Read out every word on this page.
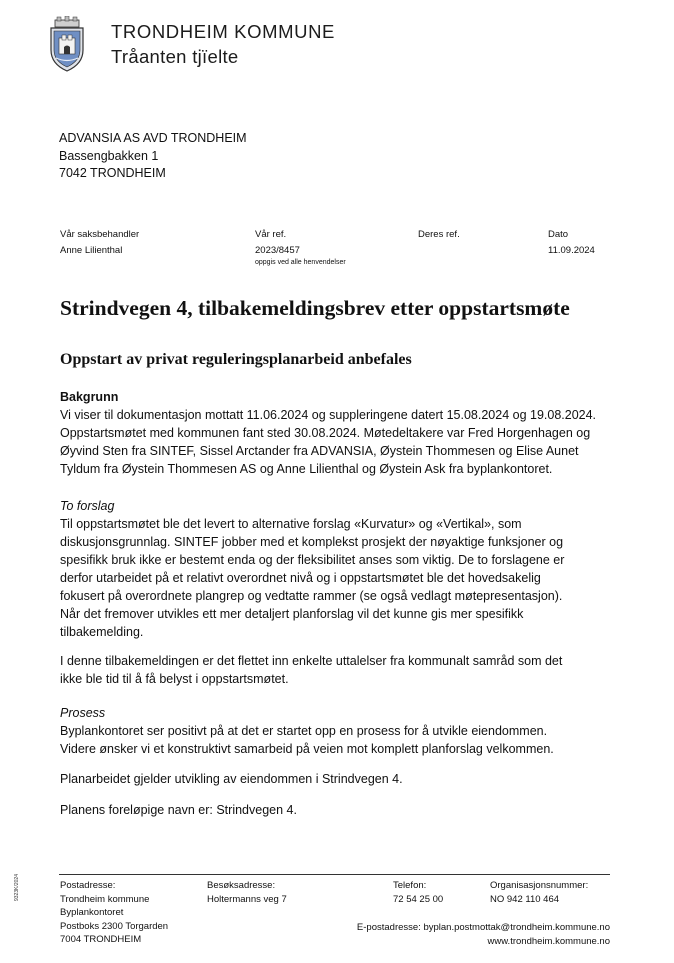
TRONDHEIM KOMMUNE
Tråanten tjïelte
ADVANSIA AS AVD TRONDHEIM
Bassengbakken 1
7042 TRONDHEIM
Vår saksbehandler
Anne Lilienthal
Vår ref.
2023/8457
oppgis ved alle henvendelser
Deres ref.	Dato
11.09.2024
Strindvegen 4, tilbakemeldingsbrev etter oppstartsmøte
Oppstart av privat reguleringsplanarbeid anbefales
Bakgrunn
Vi viser til dokumentasjon mottatt 11.06.2024 og suppleringene datert 15.08.2024 og 19.08.2024.
Oppstartsmøtet med kommunen fant sted 30.08.2024. Møtedeltakere var Fred Horgenhagen og
Øyvind Sten fra SINTEF, Sissel Arctander fra ADVANSIA, Øystein Thommesen og Elise Aunet
Tyldum fra Øystein Thommesen AS og Anne Lilienthal og Øystein Ask fra byplankontoret.
To forslag
Til oppstartsmøtet ble det levert to alternative forslag «Kurvatur» og «Vertikal», som
diskusjonsgrunnlag. SINTEF jobber med et komplekst prosjekt der nøyaktige funksjoner og
spesifikk bruk ikke er bestemt enda og der fleksibilitet anses som viktig. De to forslagene er
derfor utarbeidet på et relativt overordnet nivå og i oppstartsmøtet ble det hovedsakelig
fokusert på overordnete plangrep og vedtatte rammer (se også vedlagt møtepresentasjon).
Når det fremover utvikles ett mer detaljert planforslag vil det kunne gis mer spesifikk
tilbakemelding.
I denne tilbakemeldingen er det flettet inn enkelte uttalelser fra kommunalt samråd som det
ikke ble tid til å få belyst i oppstartsmøtet.
Prosess
Byplankontoret ser positivt på at det er startet opp en prosess for å utvikle eiendommen.
Videre ønsker vi et konstruktivt samarbeid på veien mot komplett planforslag velkommen.
Planarbeidet gjelder utvikling av eiendommen i Strindvegen 4.
Planens foreløpige navn er: Strindvegen 4.
9323K/2024	Postadresse:
Trondheim kommune
Byplankontoret
Postboks 2300 Torgarden
7004 TRONDHEIM
Besøksadresse:
Holtermanns veg 7
Telefon:
72 54 25 00
Organisasjonsnummer:
NO 942 110 464
E-postadresse: byplan.postmottak@trondheim.kommune.no
www.trondheim.kommune.no
